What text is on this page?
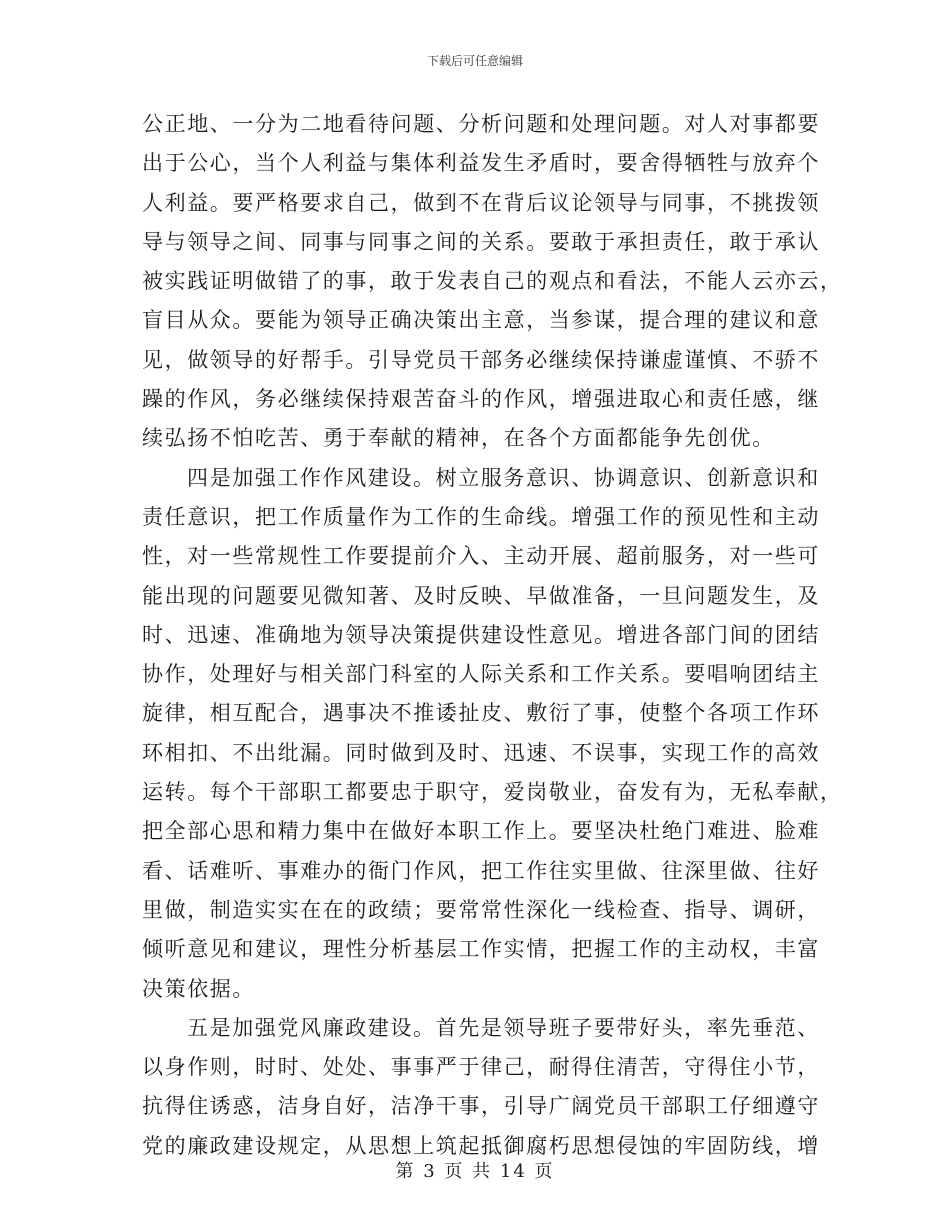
下载后可任意编辑

公正地、一分为二地看待问题、分析问题和处理问题。对人对事都要
出于公心，当个人利益与集体利益发生矛盾时，要舍得牺牲与放弃个
人利益。要严格要求自己，做到不在背后议论领导与同事，不挑拨领
导与领导之间、同事与同事之间的关系。要敢于承担责任，敢于承认
被实践证明做错了的事，敢于发表自己的观点和看法，不能人云亦云，
盲目从众。要能为领导正确决策出主意，当参谋，提合理的建议和意
见，做领导的好帮手。引导党员干部务必继续保持谦虚谨慎、不骄不
躁的作风，务必继续保持艰苦奋斗的作风，增强进取心和责任感，继
续弘扬不怕吃苦、勇于奉献的精神，在各个方面都能争先创优。

四是加强工作作风建设。树立服务意识、协调意识、创新意识和
责任意识，把工作质量作为工作的生命线。增强工作的预见性和主动
性，对一些常规性工作要提前介入、主动开展、超前服务，对一些可
能出现的问题要见微知著、及时反映、早做准备，一旦问题发生，及
时、迅速、准确地为领导决策提供建设性意见。增进各部门间的团结
协作，处理好与相关部门科室的人际关系和工作关系。要唱响团结主
旋律，相互配合，遇事决不推诿扯皮、敷衍了事，使整个各项工作环
环相扣、不出纰漏。同时做到及时、迅速、不误事，实现工作的高效
运转。每个干部职工都要忠于职守，爱岗敬业，奋发有为，无私奉献，
把全部心思和精力集中在做好本职工作上。要坚决杜绝门难进、脸难
看、话难听、事难办的衙门作风，把工作往实里做、往深里做、往好
里做，制造实实在在的政绩；要常常性深化一线检查、指导、调研，
倾听意见和建议，理性分析基层工作实情，把握工作的主动权，丰富
决策依据。

五是加强党风廉政建设。首先是领导班子要带好头，率先垂范、
以身作则，时时、处处、事事严于律己，耐得住清苦，守得住小节，
抗得住诱惑，洁身自好，洁净干事，引导广阔党员干部职工仔细遵守
党的廉政建设规定，从思想上筑起抵御腐朽思想侵蚀的牢固防线，增

第 3 页 共 14 页
